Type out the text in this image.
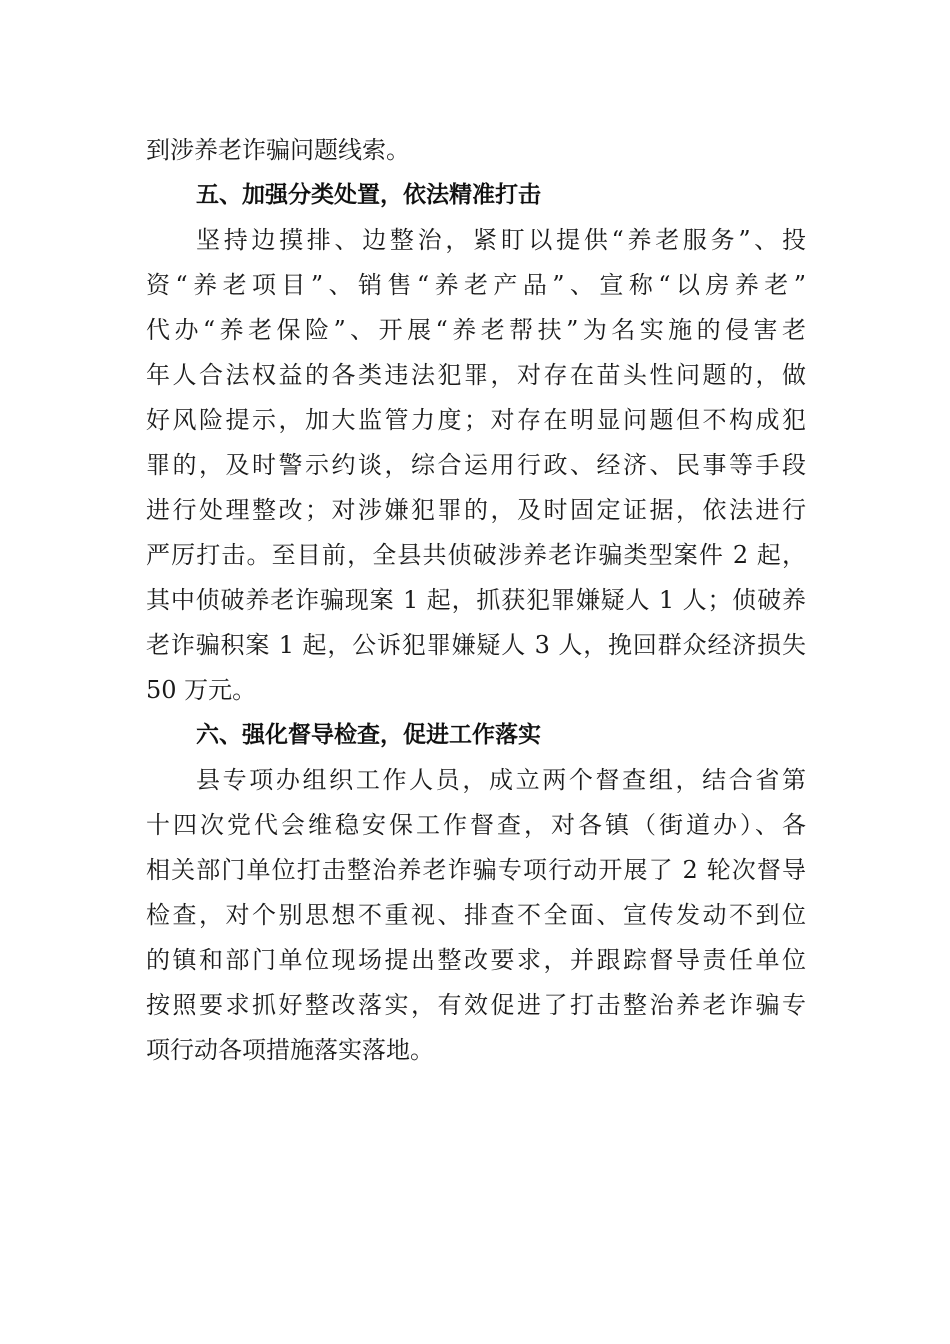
到涉养老诈骗问题线索。
五、加强分类处置，依法精准打击
坚持边摸排、边整治，紧盯以提供“养老服务”、投
资“养老项目”、销售“养老产品”、宣称“以房养老”
代办“养老保险”、开展“养老帮扶”为名实施的侵害老
年人合法权益的各类违法犯罪，对存在苗头性问题的，做
好风险提示，加大监管力度；对存在明显问题但不构成犯
罪的，及时警示约谈，综合运用行政、经济、民事等手段
进行处理整改；对涉嫌犯罪的，及时固定证据，依法进行
严厉打击。至目前，全县共侦破涉养老诈骗类型案件 2 起，
其中侦破养老诈骗现案 1 起，抓获犯罪嫌疑人 1 人；侦破养
老诈骗积案 1 起，公诉犯罪嫌疑人 3 人，挽回群众经济损失
50 万元。
六、强化督导检查，促进工作落实
县专项办组织工作人员，成立两个督查组，结合省第
十四次党代会维稳安保工作督查，对各镇（街道办）、各
相关部门单位打击整治养老诈骗专项行动开展了 2 轮次督导
检查，对个别思想不重视、排查不全面、宣传发动不到位
的镇和部门单位现场提出整改要求，并跟踪督导责任单位
按照要求抓好整改落实，有效促进了打击整治养老诈骗专
项行动各项措施落实落地。
